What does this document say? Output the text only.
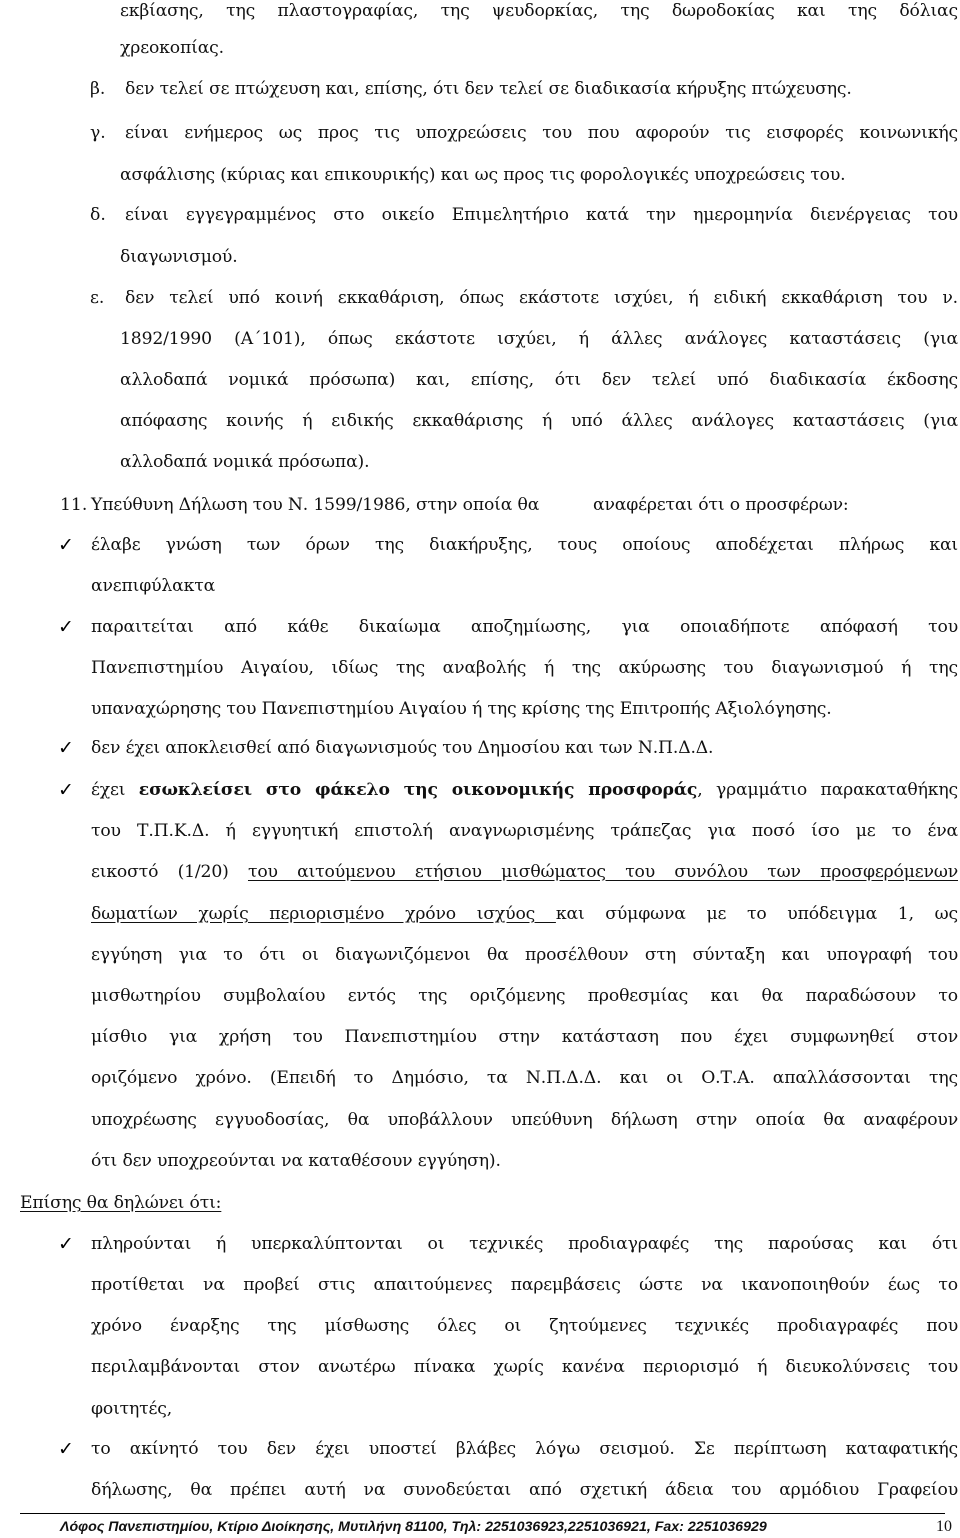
εκβίασης, της πλαστογραφίας, της ψευδορκίας, της δωροδοκίας και της δόλιας
χρεοκοπίας.
β. δεν τελεί σε πτώχευση και, επίσης, ότι δεν τελεί σε διαδικασία κήρυξης πτώχευσης.
γ. είναι ενήμερος ως προς τις υποχρεώσεις του που αφορούν τις εισφορές κοινωνικής
ασφάλισης (κύριας και επικουρικής) και ως προς τις φορολογικές υποχρεώσεις του.
δ. είναι εγγεγραμμένος στο οικείο Επιμελητήριο κατά την ημερομηνία διενέργειας του
διαγωνισμού.
ε. δεν τελεί υπό κοινή εκκαθάριση, όπως εκάστοτε ισχύει, ή ειδική εκκαθάριση του ν.
1892/1990 (Α΄101), όπως εκάστοτε ισχύει, ή άλλες ανάλογες καταστάσεις (για
αλλοδαπά νομικά πρόσωπα) και, επίσης, ότι δεν τελεί υπό διαδικασία έκδοσης
απόφασης κοινής ή ειδικής εκκαθάρισης ή υπό άλλες ανάλογες καταστάσεις (για
αλλοδαπά νομικά πρόσωπα).
11. Υπεύθυνη Δήλωση του Ν. 1599/1986, στην οποία θα	αναφέρεται ότι ο προσφέρων:
✓ έλαβε γνώση των όρων της διακήρυξης, τους οποίους αποδέχεται πλήρως και
ανεπιφύλακτα
✓ παραιτείται από κάθε δικαίωμα αποζημίωσης, για οποιαδήποτε απόφασή του
Πανεπιστημίου Αιγαίου, ιδίως της αναβολής ή της ακύρωσης του διαγωνισμού ή της
υπαναχώρησης του Πανεπιστημίου Αιγαίου ή της κρίσης της Επιτροπής Αξιολόγησης.
✓ δεν έχει αποκλεισθεί από διαγωνισμούς του Δημοσίου και των Ν.Π.Δ.Δ.
✓ έχει εσωκλείσει στο φάκελο της οικονομικής προσφοράς, γραμμάτιο παρακαταθήκης
του Τ.Π.Κ.Δ. ή εγγυητική επιστολή αναγνωρισμένης τράπεζας για ποσό ίσο με το ένα
εικοστό (1/20) του αιτούμενου ετήσιου μισθώματος του συνόλου των προσφερόμενων
δωματίων χωρίς περιορισμένο χρόνο ισχύος και σύμφωνα με το υπόδειγμα 1, ως
εγγύηση για το ότι οι διαγωνιζόμενοι θα προσέλθουν στη σύνταξη και υπογραφή του
μισθωτηρίου συμβολαίου εντός της οριζόμενης προθεσμίας και θα παραδώσουν το
μίσθιο για χρήση του Πανεπιστημίου στην κατάσταση που έχει συμφωνηθεί στον
οριζόμενο χρόνο. (Επειδή το Δημόσιο, τα Ν.Π.Δ.Δ. και οι Ο.Τ.Α. απαλλάσσονται της
υποχρέωσης εγγυοδοσίας, θα υποβάλλουν υπεύθυνη δήλωση στην οποία θα αναφέρουν
ότι δεν υποχρεούνται να καταθέσουν εγγύηση).
Επίσης θα δηλώνει ότι:
✓ πληρούνται ή υπερκαλύπτονται οι τεχνικές προδιαγραφές της παρούσας και ότι
προτίθεται να προβεί στις απαιτούμενες παρεμβάσεις ώστε να ικανοποιηθούν έως το
χρόνο έναρξης της μίσθωσης όλες οι ζητούμενες τεχνικές προδιαγραφές που
περιλαμβάνονται στον ανωτέρω πίνακα χωρίς κανένα περιορισμό ή διευκολύνσεις του
φοιτητές,
✓ το ακίνητό του δεν έχει υποστεί βλάβες λόγω σεισμού. Σε περίπτωση καταφατικής
δήλωσης, θα πρέπει αυτή να συνοδεύεται από σχετική άδεια του αρμόδιου Γραφείου
Λόφος Πανεπιστημίου, Κτίριο Διοίκησης, Μυτιλήνη 81100, Τηλ: 2251036923,2251036921, Fax: 2251036929	10
